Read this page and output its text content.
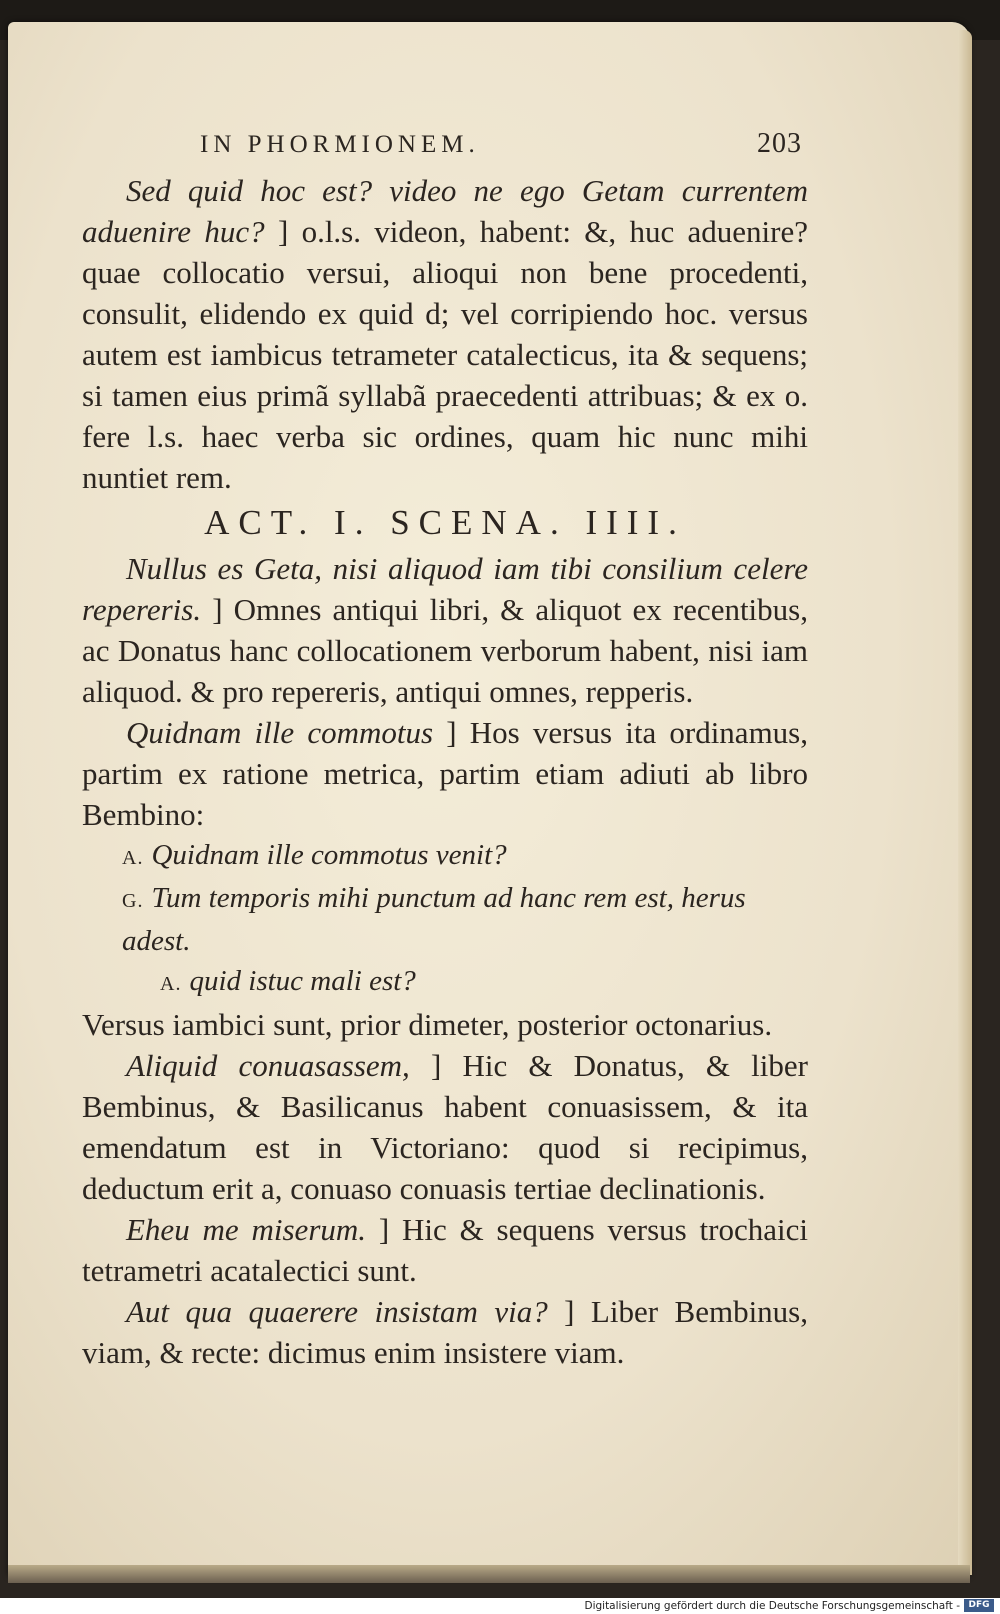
IN PHORMIONEM.	203

Sed quid hoc est? video ne ego Getam currentem aduenire huc? ] o.l.s. videon, habent: &, huc aduenire? quae collocatio versui, alioqui non bene procedenti, consulit, elidendo ex quid d; vel corripiendo hoc. versus autem est iambicus tetrameter catalecticus, ita & sequens; si tamen eius primã syllabã praecedenti attribuas; & ex o. fere l.s. haec verba sic ordines, quam hic nunc mihi nuntiet rem.

ACT. I. SCENA. IIII.

Nullus es Geta, nisi aliquod iam tibi consilium celere repereris. ] Omnes antiqui libri, & aliquot ex recentibus, ac Donatus hanc collocationem verborum habent, nisi iam aliquod. & pro repereris, antiqui omnes, repperis.

Quidnam ille commotus ] Hos versus ita ordinamus, partim ex ratione metrica, partim etiam adiuti ab libro Bembino:

A. Quidnam ille commotus venit?

G. Tum temporis mihi punctum ad hanc rem est, herus adest.

A. quid istuc mali est?

Versus iambici sunt, prior dimeter, posterior octonarius.

Aliquid conuasassem, ] Hic & Donatus, & liber Bembinus, & Basilicanus habent conuasissem, & ita emendatum est in Victoriano: quod si recipimus, deductum erit a, conuaso conuasis tertiae declinationis.

Eheu me miserum. ] Hic & sequens versus trochaici tetrametri acatalectici sunt.

Aut qua quaerere insistam via? ] Liber Bembinus, viam, & recte: dicimus enim insistere viam.

Digitalisierung gefördert durch die Deutsche Forschungsgemeinschaft - DFG
